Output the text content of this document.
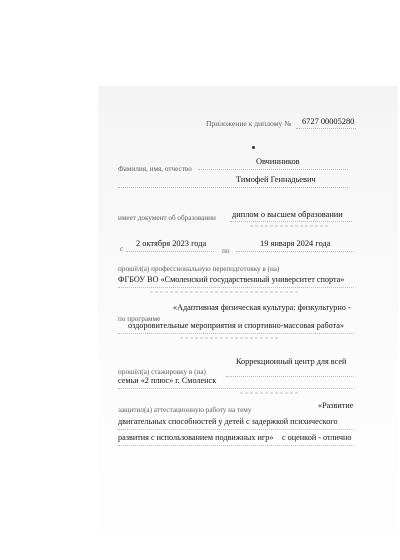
Приложение к диплому № 6727 00005280
Фамилия, имя, отчество
Овчинников
Тимофей Геннадьевич
имеет документ об образовании диплом о высшем образовании
с
2 октября 2023 года
по
19 января 2024 года
прошёл(а) профессиональную переподготовку в (на)
ФГБОУ ВО «Смоленский государственный университет спорта»
«Адаптивная физическая культура: физкультурно -
по программе
оздоровительные мероприятия и спортивно-массовая работа»
Коррекционный центр для всей
прошёл(а) стажировку в (на)
семьи «2 плюс» г. Смоленск
защитил(а) аттестационную работу на тему	«Развитие
двигательных способностей у детей с задержкой психического
развития с использованием подвижных игр» с оценкой - отлично
